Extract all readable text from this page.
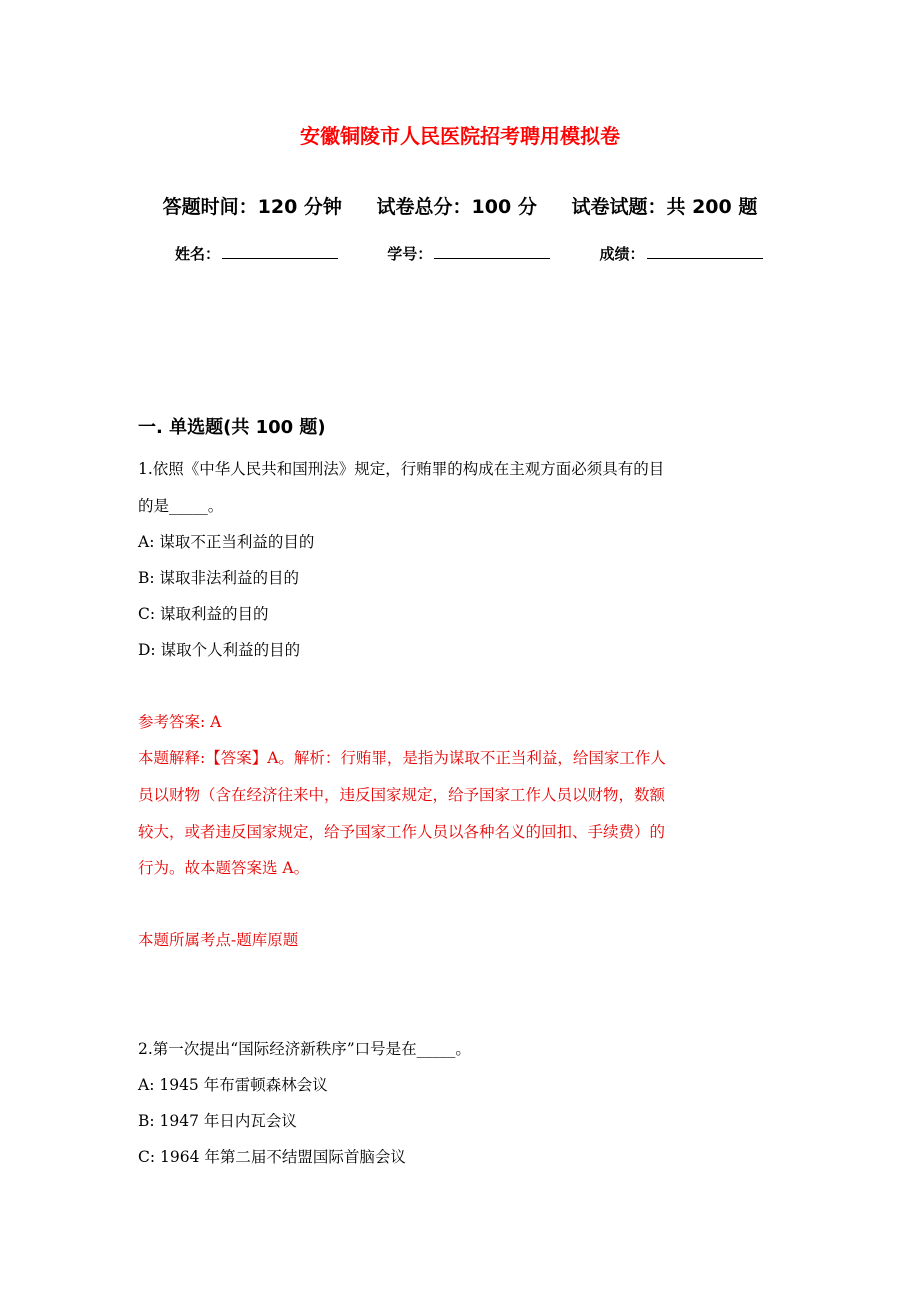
安徽铜陵市人民医院招考聘用模拟卷
答题时间：120 分钟 试卷总分：100 分 试卷试题：共 200 题
姓名：	学号：	成绩：
一. 单选题(共 100 题)
1.依照《中华人民共和国刑法》规定，行贿罪的构成在主观方面必须具有的目
的是_____。
A: 谋取不正当利益的目的
B: 谋取非法利益的目的
C: 谋取利益的目的
D: 谋取个人利益的目的
参考答案: A
本题解释:【答案】A。解析：行贿罪，是指为谋取不正当利益，给国家工作人
员以财物（含在经济往来中，违反国家规定，给予国家工作人员以财物，数额
较大，或者违反国家规定，给予国家工作人员以各种名义的回扣、手续费）的
行为。故本题答案选 A。
本题所属考点-题库原题
2.第一次提出“国际经济新秩序”口号是在_____。
A: 1945 年布雷顿森林会议
B: 1947 年日内瓦会议
C: 1964 年第二届不结盟国际首脑会议
